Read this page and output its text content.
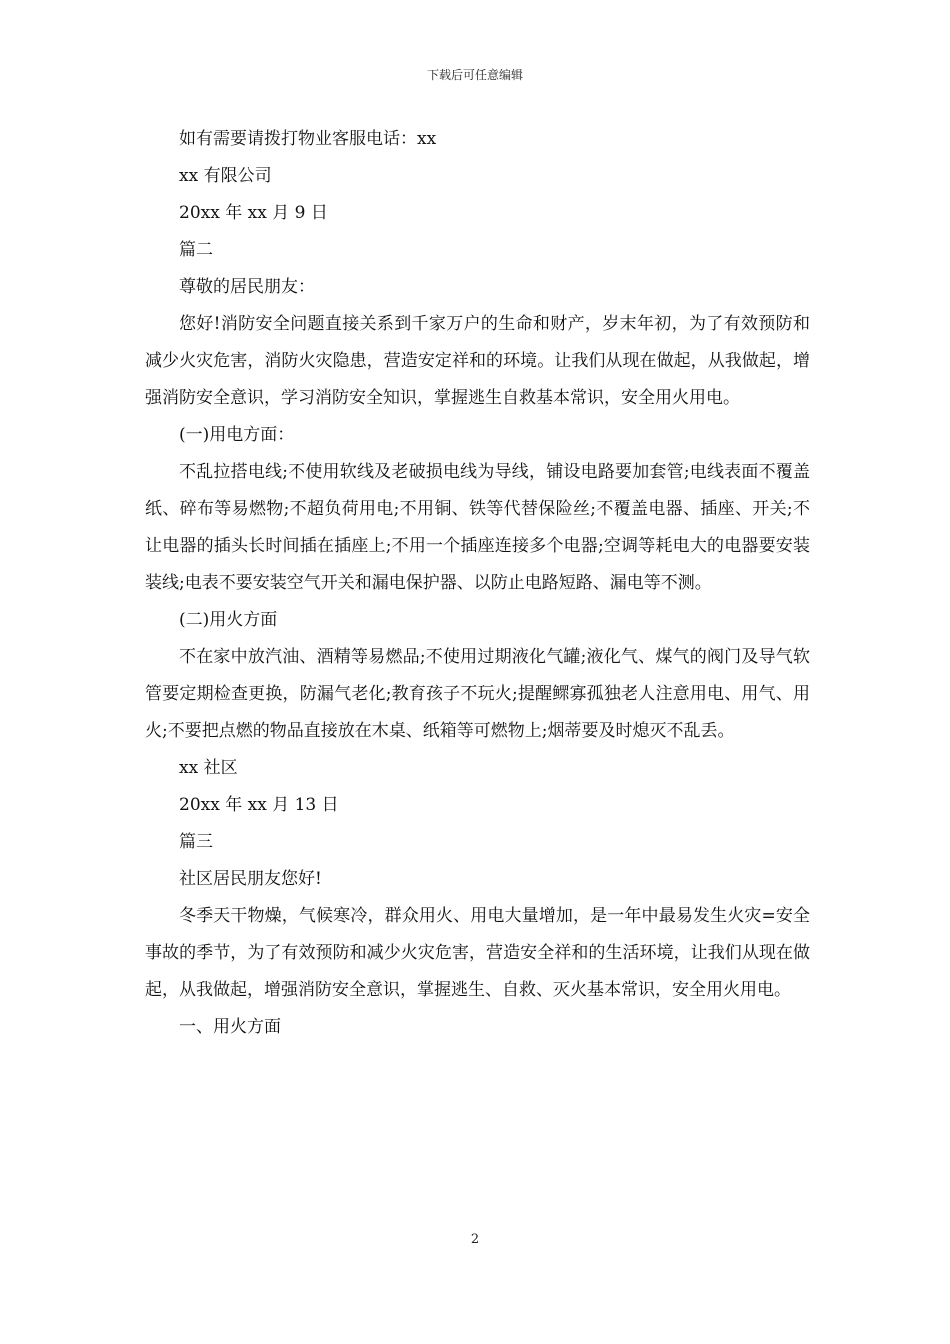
下载后可任意编辑
如有需要请拨打物业客服电话：xx
xx 有限公司
20xx 年 xx 月 9 日
篇二
尊敬的居民朋友：

您好!消防安全问题直接关系到千家万户的生命和财产，岁末年初，为了有效预防和减少火灾危害，消防火灾隐患，营造安定祥和的环境。让我们从现在做起，从我做起，增强消防安全意识，学习消防安全知识，掌握逃生自救基本常识，安全用火用电。

(一)用电方面：

不乱拉搭电线;不使用软线及老破损电线为导线，铺设电路要加套管;电线表面不覆盖纸、碎布等易燃物;不超负荷用电;不用铜、铁等代替保险丝;不覆盖电器、插座、开关;不让电器的插头长时间插在插座上;不用一个插座连接多个电器;空调等耗电大的电器要安装装线;电表不要安装空气开关和漏电保护器、以防止电路短路、漏电等不测。

(二)用火方面

不在家中放汽油、酒精等易燃品;不使用过期液化气罐;液化气、煤气的阀门及导气软管要定期检查更换，防漏气老化;教育孩子不玩火;提醒鳏寡孤独老人注意用电、用气、用火;不要把点燃的物品直接放在木桌、纸箱等可燃物上;烟蒂要及时熄灭不乱丢。

xx 社区
20xx 年 xx 月 13 日
篇三
社区居民朋友您好!

冬季天干物燥，气候寒冷，群众用火、用电大量增加，是一年中最易发生火灾=安全事故的季节，为了有效预防和减少火灾危害，营造安全祥和的生活环境，让我们从现在做起，从我做起，增强消防安全意识，掌握逃生、自救、灭火基本常识，安全用火用电。

一、用火方面
2
